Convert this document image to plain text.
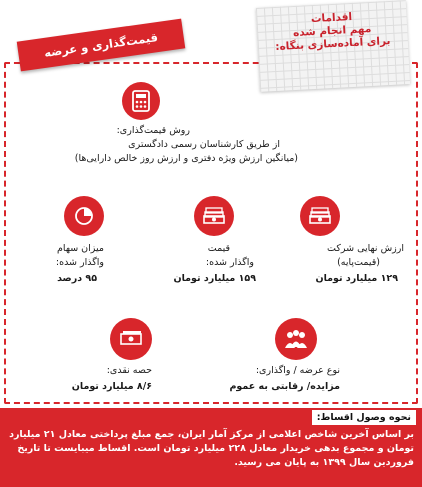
اقدامات
مهم انجام شده
برای آماده‌سازی بنگاه:
قیمت‌گذاری و عرضه
روش قیمت‌گذاری:
از طریق کارشناسان رسمی دادگستری
(میانگین ارزش ویژه دفتری و ارزش روز خالص دارایی‌ها)
ارزش نهایی شرکت
(قیمت‌پایه)
۱۲۹ میلیارد تومان
قیمت
واگذار شده:
۱۵۹ میلیارد تومان
میزان سهام
واگذار شده:
۹۵ درصد
نوع عرضه / واگذاری:
مزایده/ رقابتی به عموم
حصه نقدی:
۸/۶ میلیارد تومان
نحوه وصول اقساط:
بر اساس آخرین شاخص اعلامی از مرکز آمار ایران، جمع مبلغ پرداختی معادل ۲۱ میلیارد تومان و مجموع بدهی خریدار معادل ۲۲۸ میلیارد تومان است. اقساط میبایست تا تاریخ فروردین سال ۱۳۹۹ به پایان می رسید.
